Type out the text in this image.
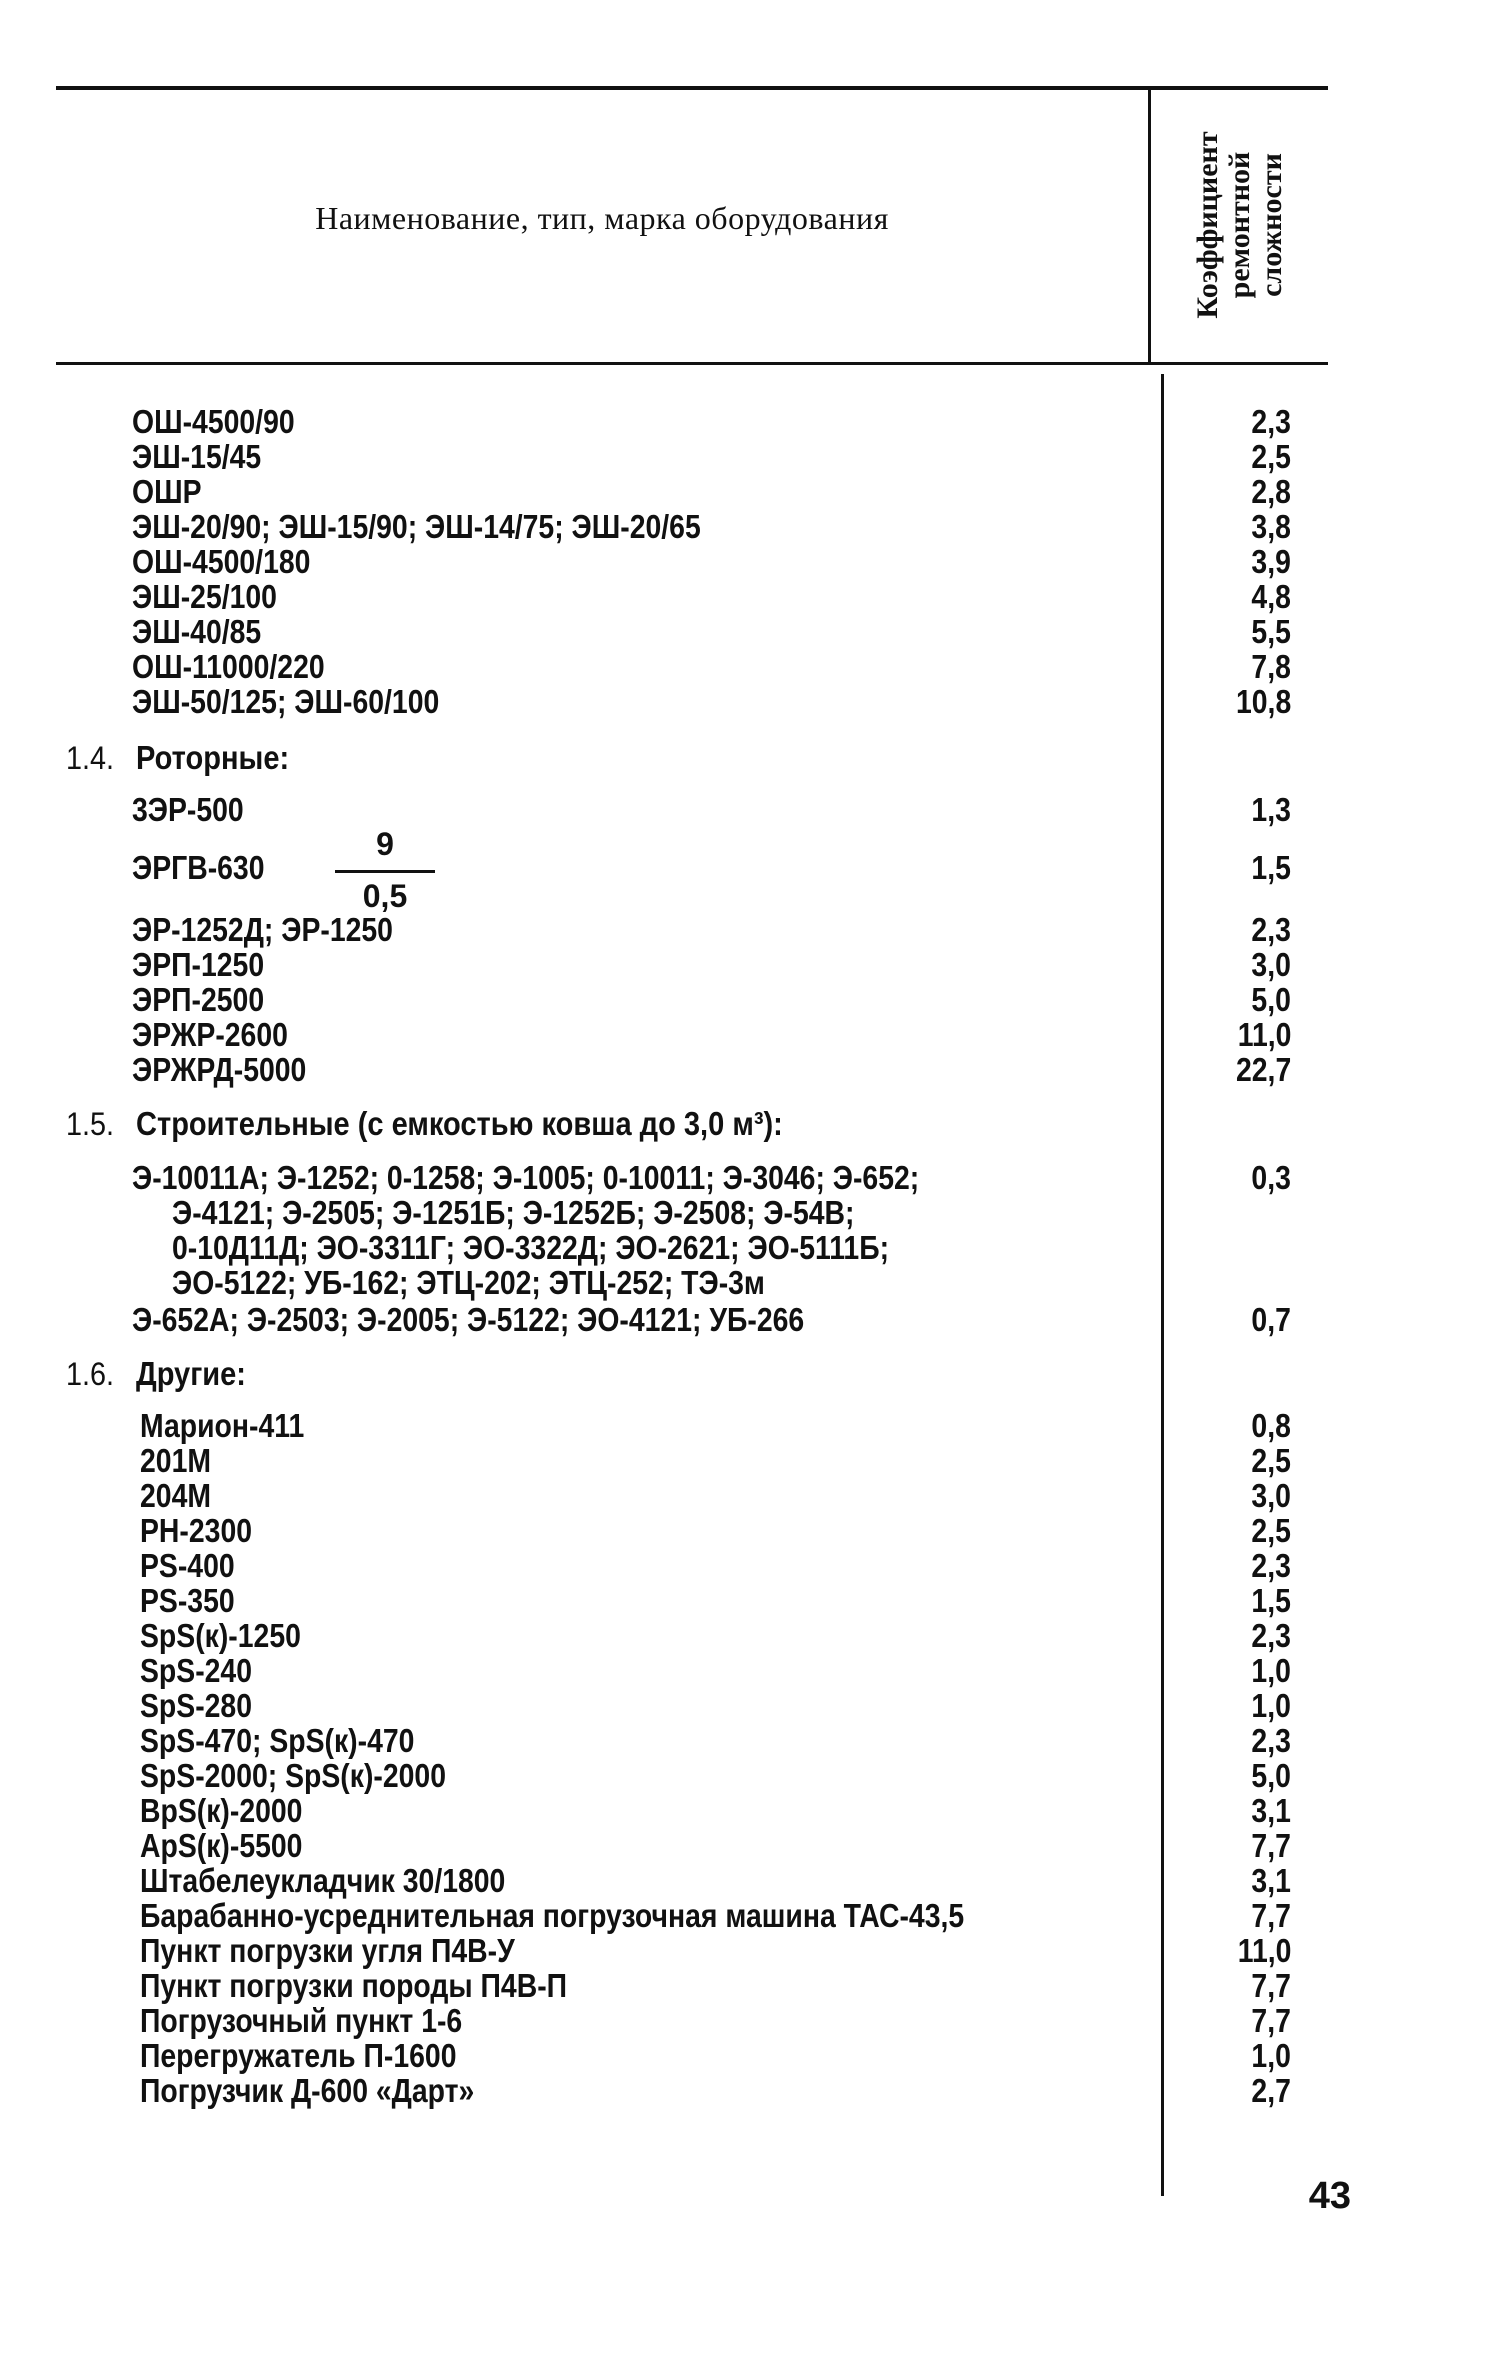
Наименование, тип, марка оборудования	Коэффициент ремонтной сложности
ОШ-4500/90	2,3
ЭШ-15/45	2,5
ОШР	2,8
ЭШ-20/90; ЭШ-15/90; ЭШ-14/75; ЭШ-20/65	3,8
ОШ-4500/180	3,9
ЭШ-25/100	4,8
ЭШ-40/85	5,5
ОШ-11000/220	7,8
ЭШ-50/125; ЭШ-60/100	10,8
1.4. Роторные:
3ЭР-500	1,3
ЭРГВ-630	1,5
9
0,5
ЭР-1252Д; ЭР-1250	2,3
ЭРП-1250	3,0
ЭРП-2500	5,0
ЭРЖР-2600	11,0
ЭРЖРД-5000	22,7
1.5. Строительные (с емкостью ковша до 3,0 м³):
Э-10011А; Э-1252; 0-1258; Э-1005; 0-10011; Э-3046; Э-652;	0,3
Э-4121; Э-2505; Э-1251Б; Э-1252Б; Э-2508; Э-54В;
0-10Д11Д; ЭО-3311Г; ЭО-3322Д; ЭО-2621; ЭО-5111Б;
ЭО-5122; УБ-162; ЭТЦ-202; ЭТЦ-252; ТЭ-3м
Э-652А; Э-2503; Э-2005; Э-5122; ЭО-4121; УБ-266	0,7
1.6. Другие:
Марион-411	0,8
201М	2,5
204М	3,0
РН-2300	2,5
PS-400	2,3
PS-350	1,5
SpS(к)-1250	2,3
SpS-240	1,0
SpS-280	1,0
SpS-470; SpS(к)-470	2,3
SpS-2000; SpS(к)-2000	5,0
BpS(к)-2000	3,1
ApS(к)-5500	7,7
Штабелеукладчик 30/1800	3,1
Барабанно-усреднительная погрузочная машина ТАС-43,5	7,7
Пункт погрузки угля П4В-У	11,0
Пункт погрузки породы П4В-П	7,7
Погрузочный пункт 1-6	7,7
Перегружатель П-1600	1,0
Погрузчик Д-600 «Дарт»	2,7
43
